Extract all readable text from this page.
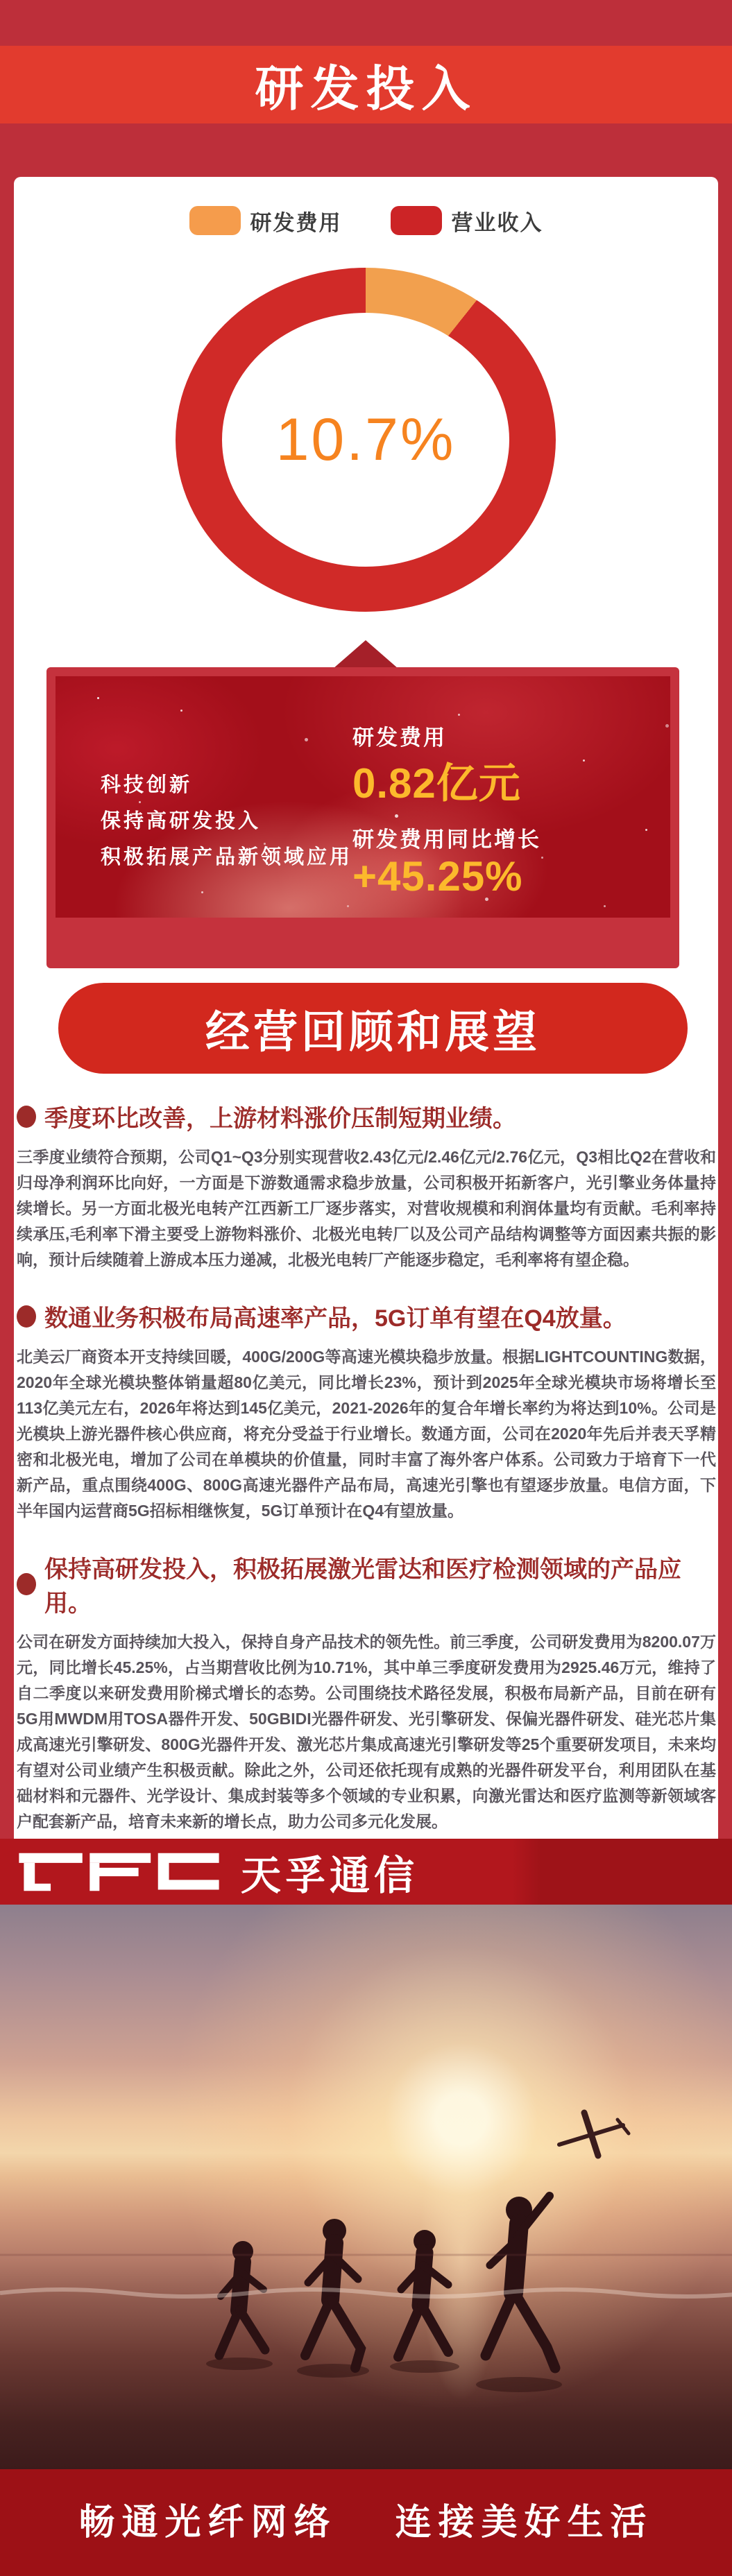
研发投入
研发费用	营业收入
10.7%
科技创新
保持高研发投入
积极拓展产品新领域应用
研发费用
0.82亿元
研发费用同比增长
+45.25%
经营回顾和展望
季度环比改善，上游材料涨价压制短期业绩。

三季度业绩符合预期，公司Q1~Q3分别实现营收2.43亿元/2.46亿元/2.76亿元，Q3相比Q2在营收和归母净利润环比向好，一方面是下游数通需求稳步放量，公司积极开拓新客户，光引擎业务体量持续增长。另一方面北极光电转产江西新工厂逐步落实，对营收规模和利润体量均有贡献。毛利率持续承压,毛利率下滑主要受上游物料涨价、北极光电转厂以及公司产品结构调整等方面因素共振的影响，预计后续随着上游成本压力递减，北极光电转厂产能逐步稳定，毛利率将有望企稳。

数通业务积极布局高速率产品，5G订单有望在Q4放量。

北美云厂商资本开支持续回暖，400G/200G等高速光模块稳步放量。根据LIGHTCOUNTING数据，2020年全球光模块整体销量超80亿美元，同比增长23%，预计到2025年全球光模块市场将增长至113亿美元左右，2026年将达到145亿美元，2021-2026年的复合年增长率约为将达到10%。公司是光模块上游光器件核心供应商，将充分受益于行业增长。数通方面，公司在2020年先后并表天孚精密和北极光电，增加了公司在单模块的价值量，同时丰富了海外客户体系。公司致力于培育下一代新产品，重点围绕400G、800G高速光器件产品布局，高速光引擎也有望逐步放量。电信方面，下半年国内运营商5G招标相继恢复，5G订单预计在Q4有望放量。

保持高研发投入，积极拓展激光雷达和医疗检测领域的产品应用。

公司在研发方面持续加大投入，保持自身产品技术的领先性。前三季度，公司研发费用为8200.07万元，同比增长45.25%，占当期营收比例为10.71%，其中单三季度研发费用为2925.46万元，维持了自二季度以来研发费用阶梯式增长的态势。公司围绕技术路径发展，积极布局新产品，目前在研有5G用MWDM用TOSA器件开发、50GBIDI光器件研发、光引擎研发、保偏光器件研发、硅光芯片集成高速光引擎研发、800G光器件开发、激光芯片集成高速光引擎研发等25个重要研发项目，未来均有望对公司业绩产生积极贡献。除此之外，公司还依托现有成熟的光器件研发平台，利用团队在基础材料和元器件、光学设计、集成封装等多个领域的专业积累，向激光雷达和医疗监测等新领域客户配套新产品，培育未来新的增长点，助力公司多元化发展。

天孚通信
畅通光纤网络 连接美好生活
